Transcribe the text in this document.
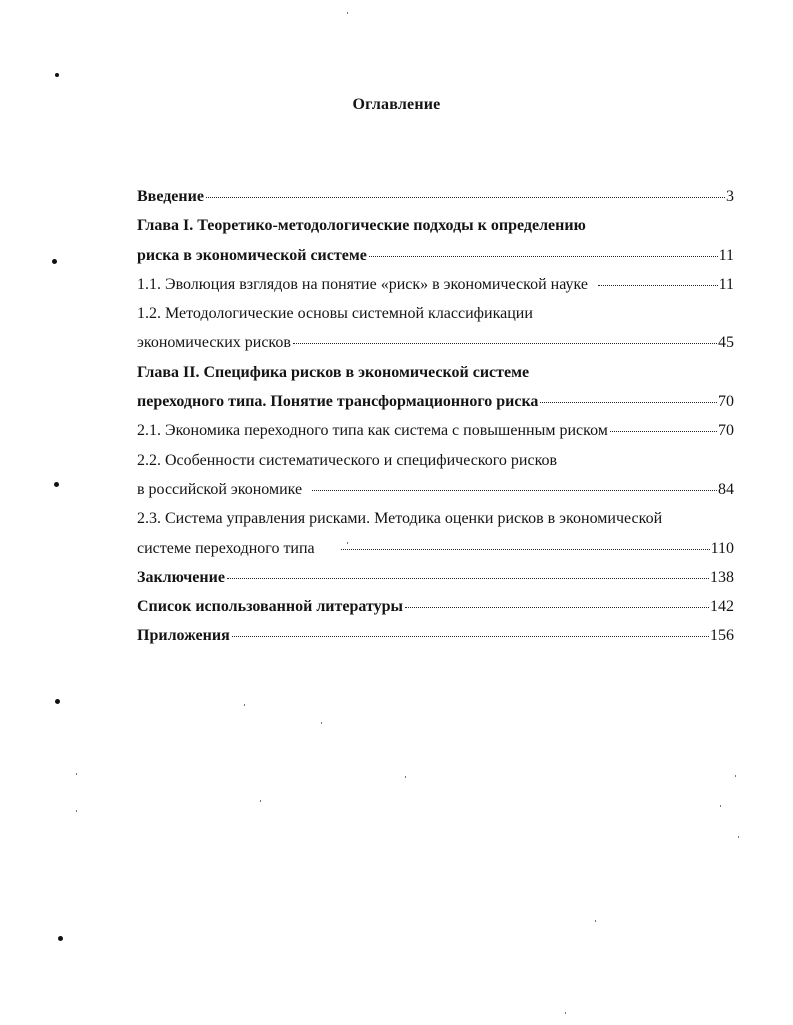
Оглавление
Введение	3
Глава I. Теоретико-методологические подходы к определению
риска в экономической системе	11
1.1. Эволюция взглядов на понятие «риск» в экономической науке	11
1.2. Методологические основы системной классификации
экономических рисков	45
Глава II. Специфика рисков в экономической системе
переходного типа. Понятие трансформационного риска	70
2.1. Экономика переходного типа как система с повышенным риском	70
2.2. Особенности систематического и специфического рисков
в российской экономике	84
2.3. Система управления рисками. Методика оценки рисков в экономической
системе переходного типа	110
Заключение	138
Список использованной литературы	142
Приложения	156
